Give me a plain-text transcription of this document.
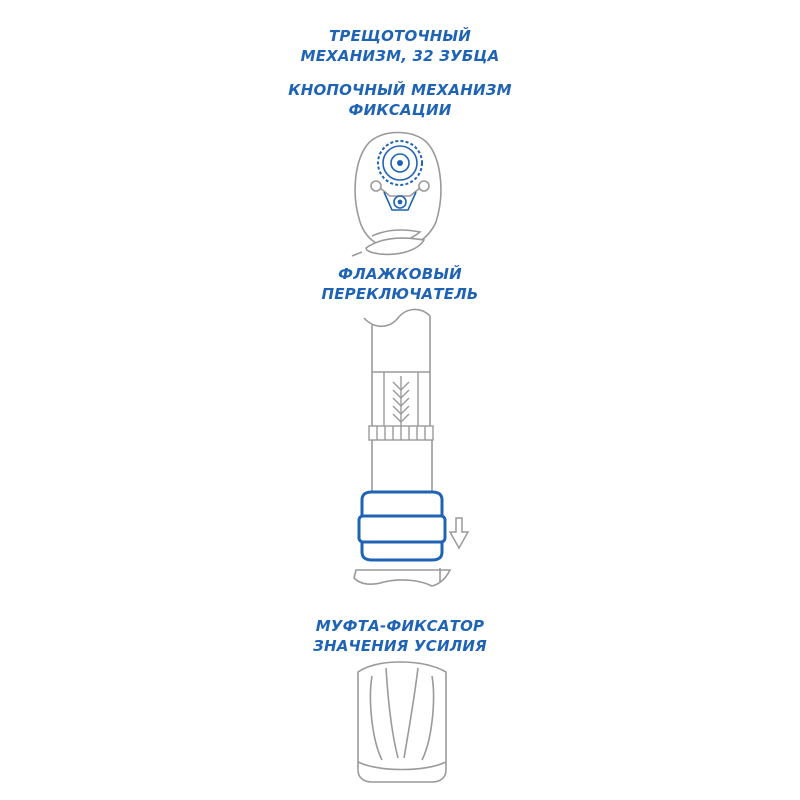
ТРЕЩОТОЧНЫЙ
МЕХАНИЗМ, 32 ЗУБЦА
КНОПОЧНЫЙ МЕХАНИЗМ
ФИКСАЦИИ
ФЛАЖКОВЫЙ
ПЕРЕКЛЮЧАТЕЛЬ
МУФТА-ФИКСАТОР
ЗНАЧЕНИЯ УСИЛИЯ
